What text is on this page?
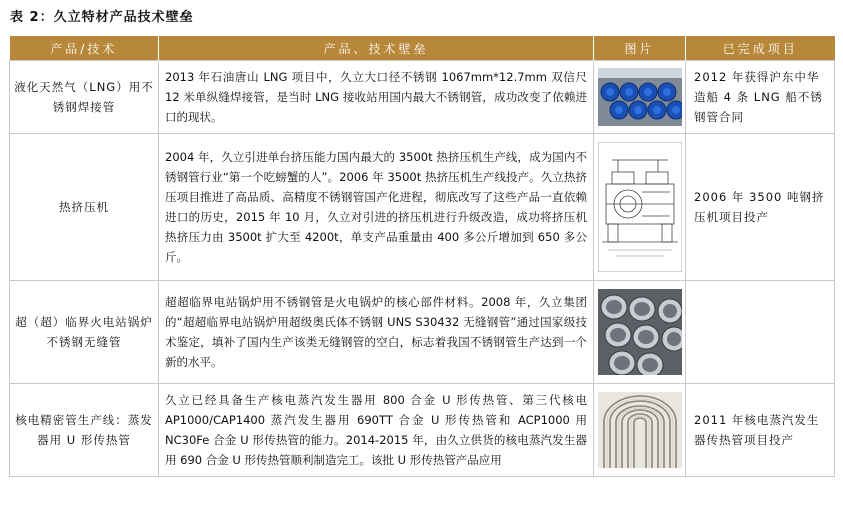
表 2：久立特材产品技术壁垒
产品/技术	产品、技术壁垒	图片	已完成项目
液化天然气（LNG）用不锈钢焊接管	2013 年石油唐山 LNG 项目中，久立大口径不锈钢 1067mm*12.7mm 双信尺 12 米单纵缝焊接管，是当时 LNG 接收站用国内最大不锈钢管，成功改变了依赖进口的现状。		2012 年获得沪东中华造船 4 条 LNG 船不锈钢管合同
热挤压机	2004 年，久立引进单台挤压能力国内最大的 3500t 热挤压机生产线，成为国内不锈钢管行业“第一个吃螃蟹的人”。2006 年 3500t 热挤压机生产线投产。久立热挤压项目推进了高品质、高精度不锈钢管国产化进程，彻底改写了这些产品一直依赖进口的历史，2015 年 10 月，久立对引进的挤压机进行升级改造，成功将挤压机热挤压力由 3500t 扩大至 4200t，单支产品重量由 400 多公斤增加到 650 多公斤。		2006 年 3500 吨钢挤压机项目投产
超（超）临界火电站锅炉不锈钢无缝管	超超临界电站锅炉用不锈钢管是火电锅炉的核心部件材料。2008 年，久立集团的“超超临界电站锅炉用超级奥氏体不锈钢 UNS S30432 无缝钢管”通过国家级技术鉴定，填补了国内生产该类无缝钢管的空白，标志着我国不锈钢管生产达到一个新的水平。	

核电精密管生产线：蒸发器用 U 形传热管	久立已经具备生产核电蒸汽发生器用 800 合金 U 形传热管、第三代核电 AP1000/CAP1400 蒸汽发生器用 690TT 合金 U 形传热管和 ACP1000 用 NC30Fe 合金 U 形传热管的能力。2014-2015 年，由久立供货的核电蒸汽发生器用 690 合金 U 形传热管顺利制造完工。该批 U 形传热管产品应用		2011 年核电蒸汽发生器传热管项目投产
